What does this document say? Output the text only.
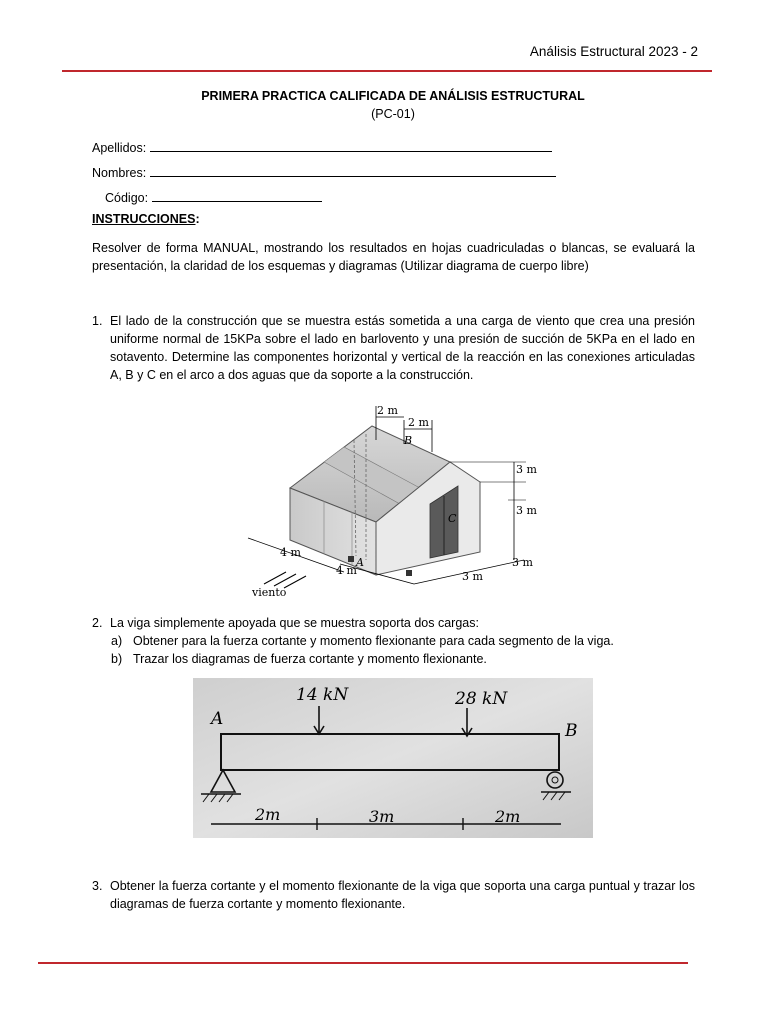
Análisis Estructural 2023 - 2
PRIMERA PRACTICA CALIFICADA DE ANÁLISIS ESTRUCTURAL
(PC-01)
Apellidos:
Nombres:
Código:
INSTRUCCIONES:
Resolver de forma MANUAL, mostrando los resultados en hojas cuadriculadas o blancas, se evaluará la presentación, la claridad de los esquemas y diagramas (Utilizar diagrama de cuerpo libre)
1. El lado de la construcción que se muestra estás sometida a una carga de viento que crea una presión uniforme normal de 15KPa sobre el lado en barlovento y una presión de succión de 5KPa en el lado en sotavento. Determine las componentes horizontal y vertical de la reacción en las conexiones articuladas A, B y C en el arco a dos aguas que da soporte a la construcción.
2 m
2 m
B
3 m
3 m
C
4 m
4 m
A
3 m
3 m
viento
2. La viga simplemente apoyada que se muestra soporta dos cargas:
a) Obtener para la fuerza cortante y momento flexionante para cada segmento de la viga.
b) Trazar los diagramas de fuerza cortante y momento flexionante.
14 kN	28 kN
A
B
2m	3m	2m
3. Obtener la fuerza cortante y el momento flexionante de la viga que soporta una carga puntual y trazar los diagramas de fuerza cortante y momento flexionante.
